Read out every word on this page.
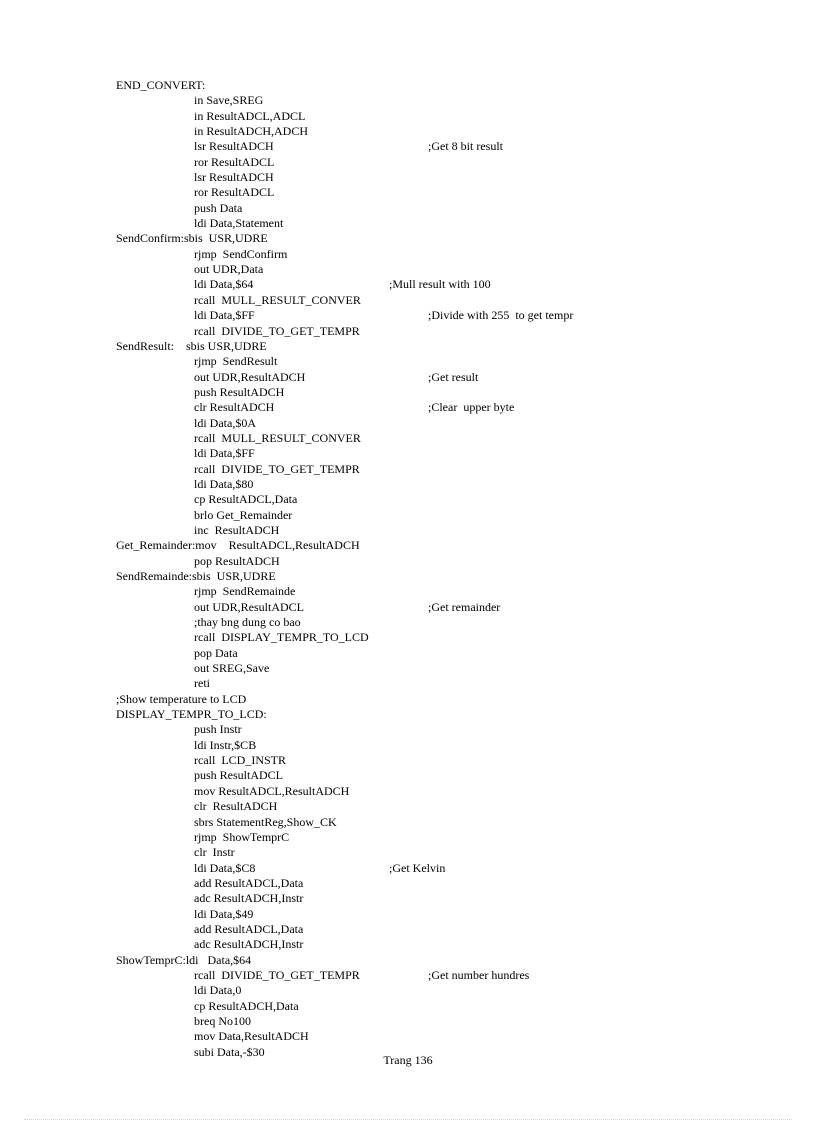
END_CONVERT:
in Save,SREG
in ResultADCL,ADCL
in ResultADCH,ADCH
lsr ResultADCH	;Get 8 bit result
ror ResultADCL
lsr ResultADCH
ror ResultADCL
push Data
ldi Data,Statement
SendConfirm:sbis  USR,UDRE
rjmp  SendConfirm
out UDR,Data
ldi Data,$64	;Mull result with 100
rcall  MULL_RESULT_CONVER
ldi Data,$FF	;Divide with 255  to get tempr
rcall  DIVIDE_TO_GET_TEMPR
SendResult:    sbis USR,UDRE
rjmp  SendResult
out UDR,ResultADCH	;Get result
push ResultADCH
clr ResultADCH	;Clear  upper byte
ldi Data,$0A
rcall  MULL_RESULT_CONVER
ldi Data,$FF
rcall  DIVIDE_TO_GET_TEMPR
ldi Data,$80
cp ResultADCL,Data
brlo Get_Remainder
inc  ResultADCH
Get_Remainder:mov    ResultADCL,ResultADCH
pop ResultADCH
SendRemainde:sbis  USR,UDRE
rjmp  SendRemainde
out UDR,ResultADCL	;Get remainder
;thay bng dung co bao
rcall  DISPLAY_TEMPR_TO_LCD
pop Data
out SREG,Save
reti
;Show temperature to LCD
DISPLAY_TEMPR_TO_LCD:
push Instr
ldi Instr,$CB
rcall  LCD_INSTR
push ResultADCL
mov ResultADCL,ResultADCH
clr  ResultADCH
sbrs StatementReg,Show_CK
rjmp  ShowTemprC
clr  Instr
ldi Data,$C8	;Get Kelvin
add ResultADCL,Data
adc ResultADCH,Instr
ldi Data,$49
add ResultADCL,Data
adc ResultADCH,Instr
ShowTemprC:ldi   Data,$64
rcall  DIVIDE_TO_GET_TEMPR	;Get number hundres
ldi Data,0
cp ResultADCH,Data
breq No100
mov Data,ResultADCH
subi Data,-$30
Trang 136
